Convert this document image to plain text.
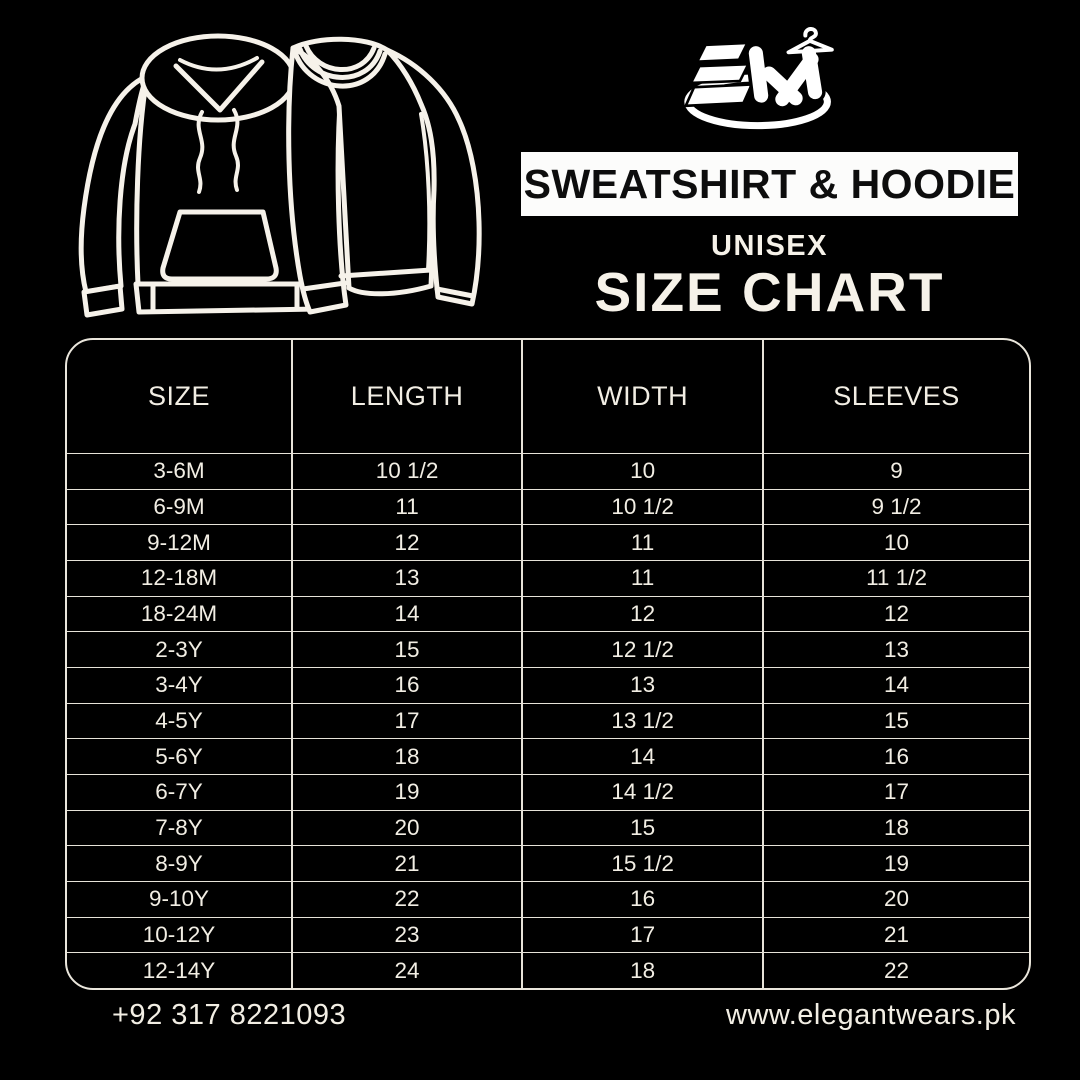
SWEATSHIRT & HOODIE
UNISEX
SIZE CHART
SIZE	LENGTH	WIDTH	SLEEVES
3-6M	10 1/2	10	9
6-9M	11	10 1/2	9 1/2
9-12M	12	11	10
12-18M	13	11	11 1/2
18-24M	14	12	12
2-3Y	15	12 1/2	13
3-4Y	16	13	14
4-5Y	17	13 1/2	15
5-6Y	18	14	16
6-7Y	19	14 1/2	17
7-8Y	20	15	18
8-9Y	21	15 1/2	19
9-10Y	22	16	20
10-12Y	23	17	21
12-14Y	24	18	22
+92 317 8221093	www.elegantwears.pk
